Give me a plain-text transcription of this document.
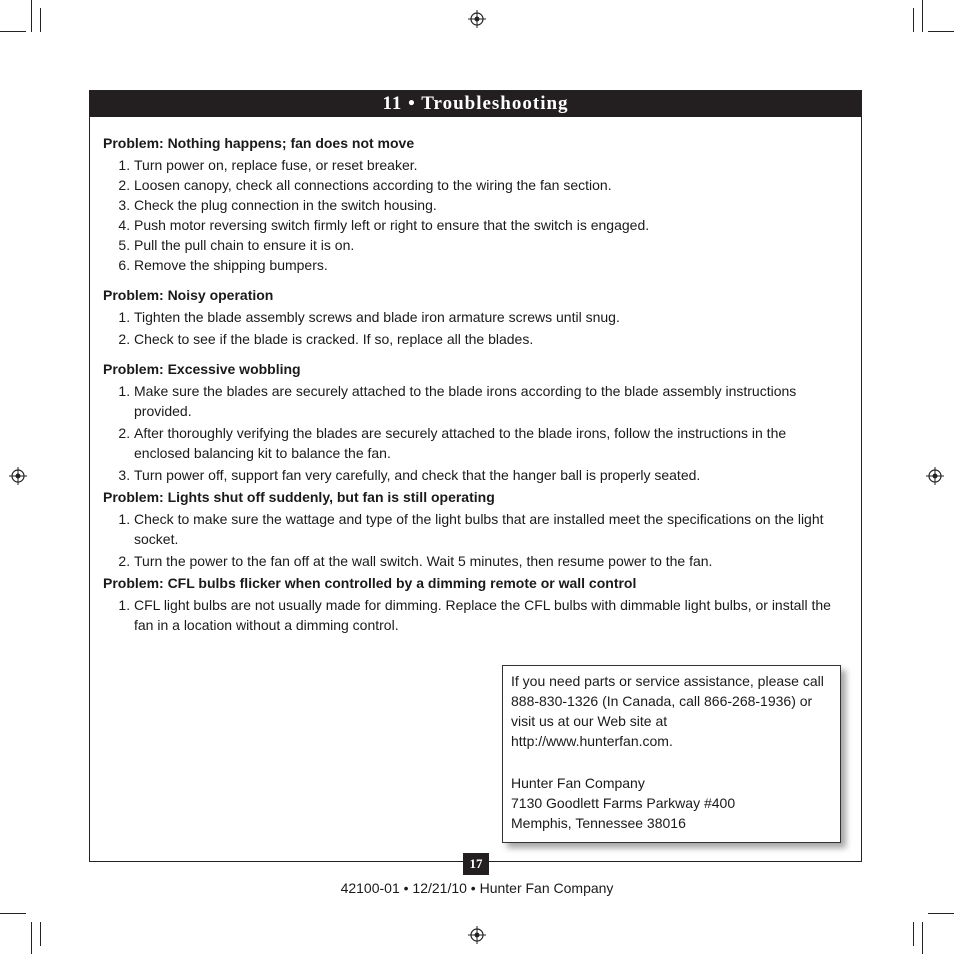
11 • Troubleshooting

Problem: Nothing happens; fan does not move

1. Turn power on, replace fuse, or reset breaker.
2. Loosen canopy, check all connections according to the wiring the fan section.
3. Check the plug connection in the switch housing.
4. Push motor reversing switch firmly left or right to ensure that the switch is engaged.
5. Pull the pull chain to ensure it is on.
6. Remove the shipping bumpers.

Problem: Noisy operation

1. Tighten the blade assembly screws and blade iron armature screws until snug.
2. Check to see if the blade is cracked. If so, replace all the blades.

Problem: Excessive wobbling

1. Make sure the blades are securely attached to the blade irons according to the blade assembly instructions provided.
2. After thoroughly verifying the blades are securely attached to the blade irons, follow the instructions in the enclosed balancing kit to balance the fan.
3. Turn power off, support fan very carefully, and check that the hanger ball is properly seated.

Problem: Lights shut off suddenly, but fan is still operating

1. Check to make sure the wattage and type of the light bulbs that are installed meet the specifications on the light socket.
2. Turn the power to the fan off at the wall switch. Wait 5 minutes, then resume power to the fan.

Problem: CFL bulbs flicker when controlled by a dimming remote or wall control

1. CFL light bulbs are not usually made for dimming. Replace the CFL bulbs with dimmable light bulbs, or install the fan in a location without a dimming control.
If you need parts or service assistance, please call
888-830-1326 (In Canada, call 866-268-1936) or
visit us at our Web site at
http://www.hunterfan.com.
Hunter Fan Company
7130 Goodlett Farms Parkway #400
Memphis, Tennessee 38016
17
42100-01 • 12/21/10 • Hunter Fan Company
